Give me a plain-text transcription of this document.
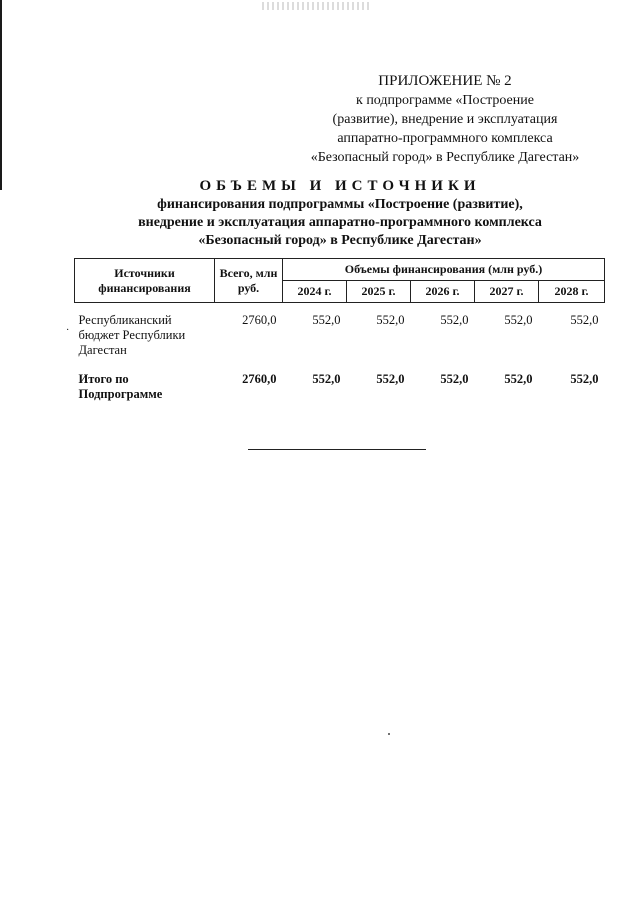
ПРИЛОЖЕНИЕ № 2
к подпрограмме «Построение
(развитие), внедрение и эксплуатация
аппаратно-программного комплекса
«Безопасный город» в Республике Дагестан»
ОБЪЕМЫ И ИСТОЧНИКИ
финансирования подпрограммы «Построение (развитие),
внедрение и эксплуатация аппаратно-программного комплекса
«Безопасный город» в Республике Дагестан»
·
Источники финансирования	Всего, млн руб.	Объемы финансирования (млн руб.)				
		2024 г.	2025 г.	2026 г.	2027 г.	2028 г.

Республиканский бюджет Республики Дагестан	2760,0	552,0	552,0	552,0	552,0	552,0
Итого по Подпрограмме	2760,0	552,0	552,0	552,0	552,0	552,0
